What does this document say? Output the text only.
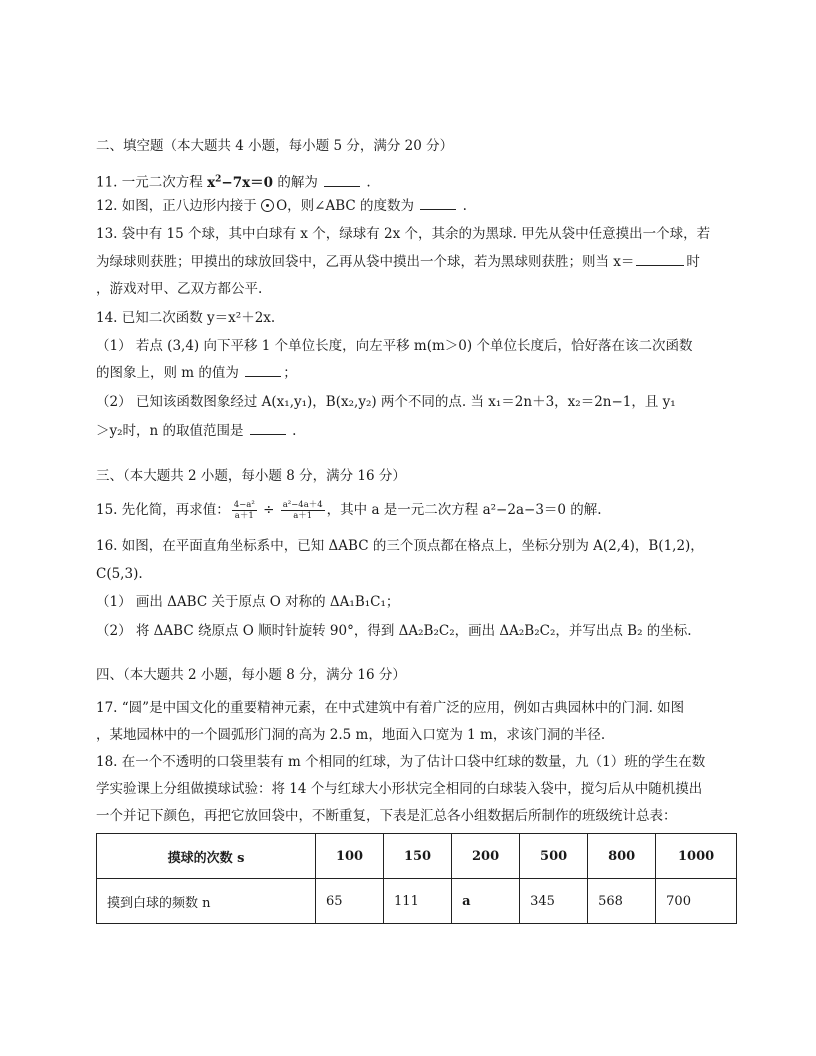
二、填空题（本大题共 4 小题，每小题 5 分，满分 20 分）
11. 一元二次方程 $x^2-7x=0$ 的解为	.
12. 如图，正八边形内接于 O，则∠ABC 的度数为	.
13. 袋中有 15 个球，其中白球有 x 个，绿球有 2x 个，其余的为黑球. 甲先从袋中任意摸出一个球，若
为绿球则获胜；甲摸出的球放回袋中，乙再从袋中摸出一个球，若为黑球则获胜；则当 x＝	时
，游戏对甲、乙双方都公平.
14. 已知二次函数 y＝x²＋2x.
（1） 若点 (3,4) 向下平移 1 个单位长度，向左平移 m(m＞0) 个单位长度后，恰好落在该二次函数
的图象上，则 m 的值为	；
（2） 已知该函数图象经过 A(x₁,y₁)，B(x₂,y₂) 两个不同的点. 当 x₁＝2n＋3，x₂＝2n−1，且 y₁
＞y₂时，n 的取值范围是	.
三、（本大题共 2 小题，每小题 8 分，满分 16 分）
15. 先化简，再求值： $\frac{\text{4−a²}}{a+1} \div \frac{\text{a²−4a＋4}}{a+1}$ ，其中 a 是一元二次方程 a²−2a−3＝0 的解.
16. 如图，在平面直角坐标系中，已知 ΔABC 的三个顶点都在格点上，坐标分别为 A(2,4)，B(1,2)，
C(5,3).
（1） 画出 ΔABC 关于原点 O 对称的 ΔA₁B₁C₁；
（2） 将 ΔABC 绕原点 O 顺时针旋转 90°，得到 ΔA₂B₂C₂，画出 ΔA₂B₂C₂，并写出点 B₂ 的坐标.
四、（本大题共 2 小题，每小题 8 分，满分 16 分）
17. “圆”是中国文化的重要精神元素，在中式建筑中有着广泛的应用，例如古典园林中的门洞. 如图
，某地园林中的一个圆弧形门洞的高为 2.5 m，地面入口宽为 1 m，求该门洞的半径.
18. 在一个不透明的口袋里装有 m 个相同的红球，为了估计口袋中红球的数量，九（1）班的学生在数
学实验课上分组做摸球试验：将 14 个与红球大小形状完全相同的白球装入袋中，搅匀后从中随机摸出
一个并记下颜色，再把它放回袋中，不断重复，下表是汇总各小组数据后所制作的班级统计总表：
摸球的次数 s	100	150	200	500	800	1000
摸到白球的频数 n	65	111	a	345	568	700
